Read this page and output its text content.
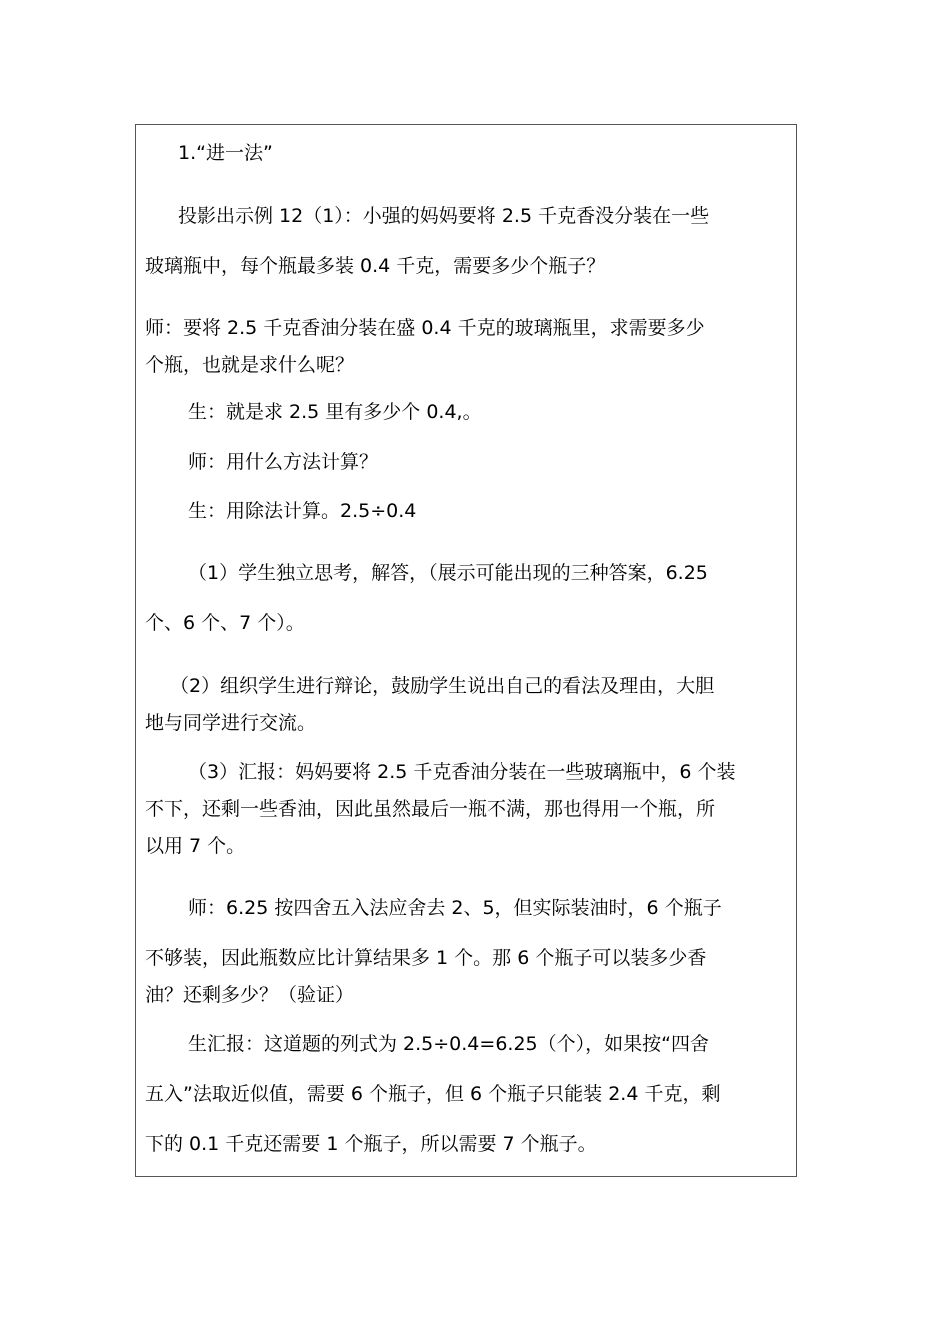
1.“进一法”
投影出示例 12（1）：小强的妈妈要将 2.5 千克香没分装在一些
玻璃瓶中，每个瓶最多装 0.4 千克，需要多少个瓶子？
师：要将 2.5 千克香油分装在盛 0.4 千克的玻璃瓶里，求需要多少
个瓶，也就是求什么呢？
生：就是求 2.5 里有多少个 0.4,。
师：用什么方法计算？
生：用除法计算。2.5÷0.4
（1）学生独立思考，解答，（展示可能出现的三种答案，6.25
个、6 个、7 个）。
（2）组织学生进行辩论，鼓励学生说出自己的看法及理由，大胆
地与同学进行交流。
（3）汇报：妈妈要将 2.5 千克香油分装在一些玻璃瓶中，6 个装
不下，还剩一些香油，因此虽然最后一瓶不满，那也得用一个瓶，所
以用 7 个。
师：6.25 按四舍五入法应舍去 2、5，但实际装油时，6 个瓶子
不够装，因此瓶数应比计算结果多 1 个。那 6 个瓶子可以装多少香
油？还剩多少？（验证）
生汇报：这道题的列式为 2.5÷0.4=6.25（个），如果按“四舍
五入”法取近似值，需要 6 个瓶子，但 6 个瓶子只能装 2.4 千克，剩
下的 0.1 千克还需要 1 个瓶子，所以需要 7 个瓶子。
